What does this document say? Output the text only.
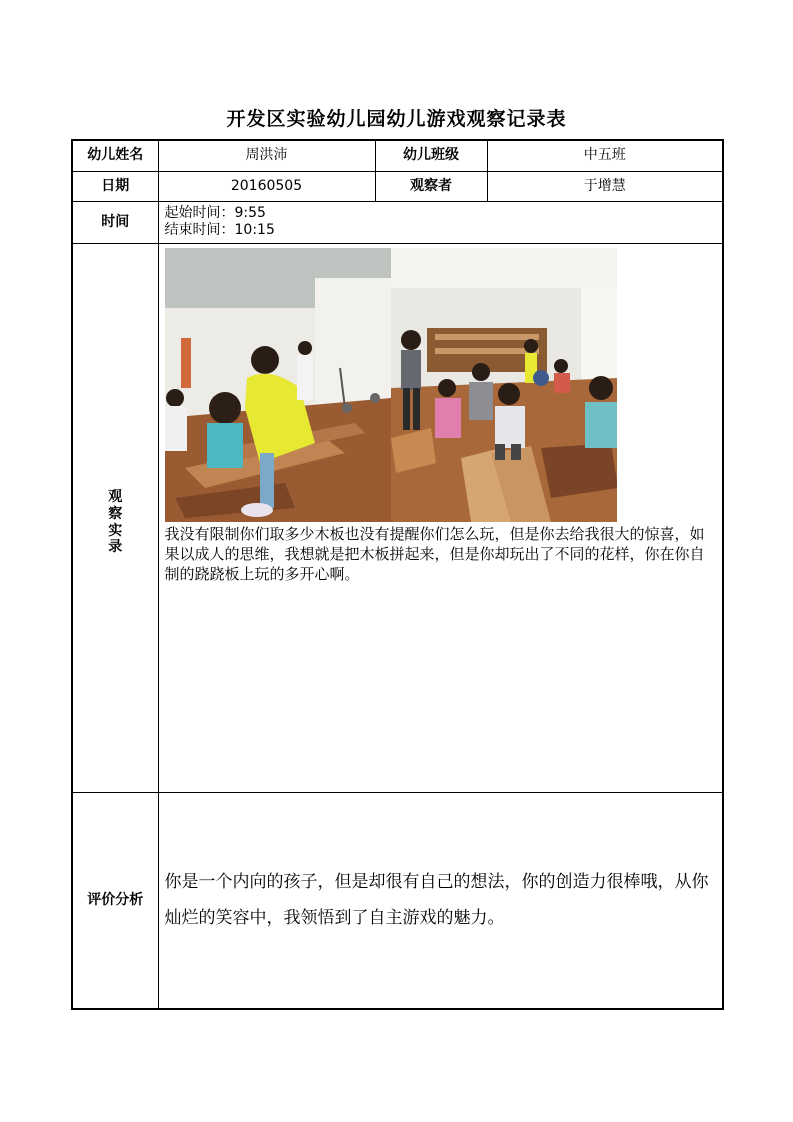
开发区实验幼儿园幼儿游戏观察记录表
幼儿姓名	周洪沛	幼儿班级	中五班
日期	20160505	观察者	于增慧
时间	起始时间：9:55
结束时间：10:15		

观
察
实
录	我没有限制你们取多少木板也没有提醒你们怎么玩，但是你去给我很大的惊喜，如果以成人的思维，我想就是把木板拼起来，但是你却玩出了不同的花样，你在你自制的跷跷板上玩的多开心啊。		

评价分析	你是一个内向的孩子，但是却很有自己的想法，你的创造力很棒哦，从你灿烂的笑容中，我领悟到了自主游戏的魅力。		
